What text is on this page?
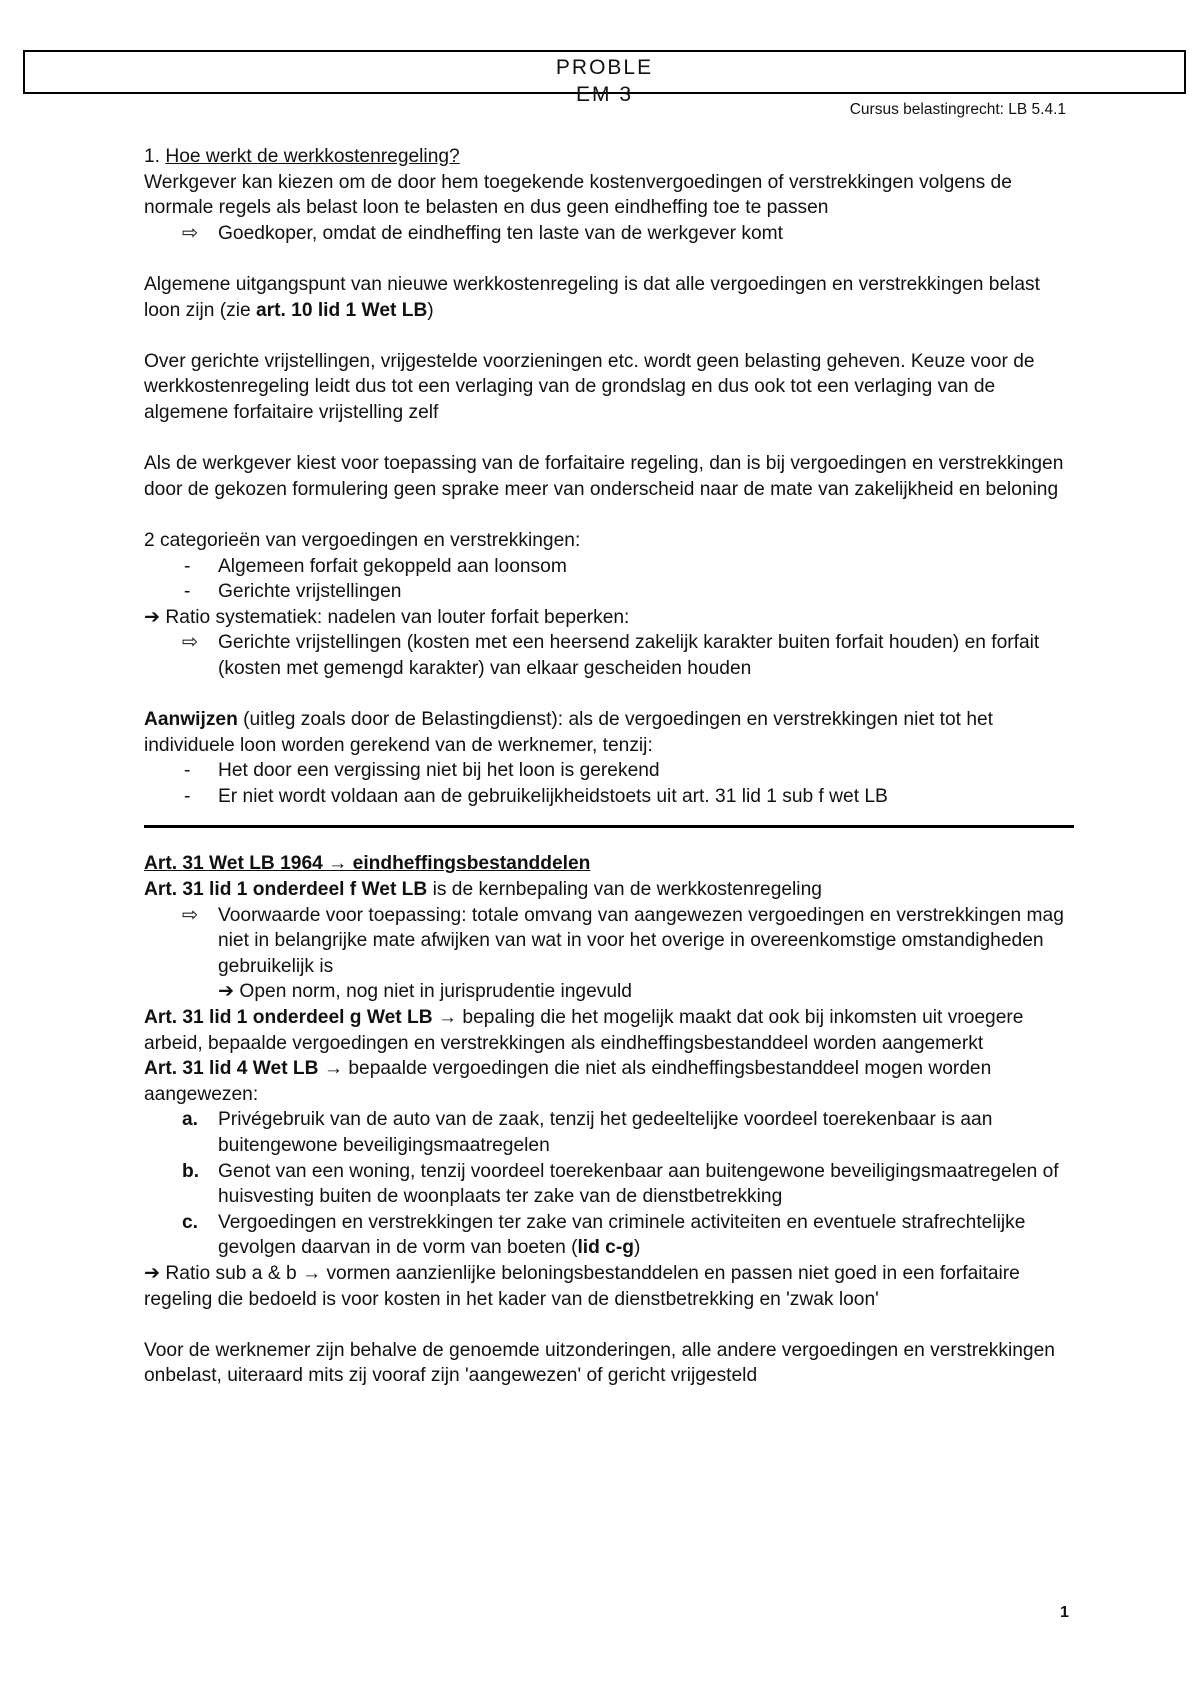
PROBLE
EM 3
Cursus belastingrecht: LB 5.4.1

1. Hoe werkt de werkkostenregeling?

Werkgever kan kiezen om de door hem toegekende kostenvergoedingen of verstrekkingen volgens de normale regels als belast loon te belasten en dus geen eindheffing toe te passen

⇨ Goedkoper, omdat de eindheffing ten laste van de werkgever komt

Algemene uitgangspunt van nieuwe werkkostenregeling is dat alle vergoedingen en verstrekkingen belast loon zijn (zie art. 10 lid 1 Wet LB)

Over gerichte vrijstellingen, vrijgestelde voorzieningen etc. wordt geen belasting geheven. Keuze voor de werkkostenregeling leidt dus tot een verlaging van de grondslag en dus ook tot een verlaging van de algemene forfaitaire vrijstelling zelf

Als de werkgever kiest voor toepassing van de forfaitaire regeling, dan is bij vergoedingen en verstrekkingen door de gekozen formulering geen sprake meer van onderscheid naar de mate van zakelijkheid en beloning

2 categorieën van vergoedingen en verstrekkingen:

- Algemeen forfait gekoppeld aan loonsom
- Gerichte vrijstellingen

➔ Ratio systematiek: nadelen van louter forfait beperken:

⇨ Gerichte vrijstellingen (kosten met een heersend zakelijk karakter buiten forfait houden) en forfait (kosten met gemengd karakter) van elkaar gescheiden houden

Aanwijzen (uitleg zoals door de Belastingdienst): als de vergoedingen en verstrekkingen niet tot het individuele loon worden gerekend van de werknemer, tenzij:

- Het door een vergissing niet bij het loon is gerekend
- Er niet wordt voldaan aan de gebruikelijkheidstoets uit art. 31 lid 1 sub f wet LB

Art. 31 Wet LB 1964 → eindheffingsbestanddelen

Art. 31 lid 1 onderdeel f Wet LB is de kernbepaling van de werkkostenregeling

⇨ Voorwaarde voor toepassing: totale omvang van aangewezen vergoedingen en verstrekkingen mag niet in belangrijke mate afwijken van wat in voor het overige in overeenkomstige omstandigheden gebruikelijk is
➔ Open norm, nog niet in jurisprudentie ingevuld

Art. 31 lid 1 onderdeel g Wet LB → bepaling die het mogelijk maakt dat ook bij inkomsten uit vroegere arbeid, bepaalde vergoedingen en verstrekkingen als eindheffingsbestanddeel worden aangemerkt

Art. 31 lid 4 Wet LB → bepaalde vergoedingen die niet als eindheffingsbestanddeel mogen worden aangewezen:

a. Privégebruik van de auto van de zaak, tenzij het gedeeltelijke voordeel toerekenbaar is aan buitengewone beveiligingsmaatregelen
b. Genot van een woning, tenzij voordeel toerekenbaar aan buitengewone beveiligingsmaatregelen of huisvesting buiten de woonplaats ter zake van de dienstbetrekking
c. Vergoedingen en verstrekkingen ter zake van criminele activiteiten en eventuele strafrechtelijke gevolgen daarvan in de vorm van boeten (lid c-g)

➔ Ratio sub a & b → vormen aanzienlijke beloningsbestanddelen en passen niet goed in een forfaitaire regeling die bedoeld is voor kosten in het kader van de dienstbetrekking en 'zwak loon'

Voor de werknemer zijn behalve de genoemde uitzonderingen, alle andere vergoedingen en verstrekkingen onbelast, uiteraard mits zij vooraf zijn 'aangewezen' of gericht vrijgesteld

1
